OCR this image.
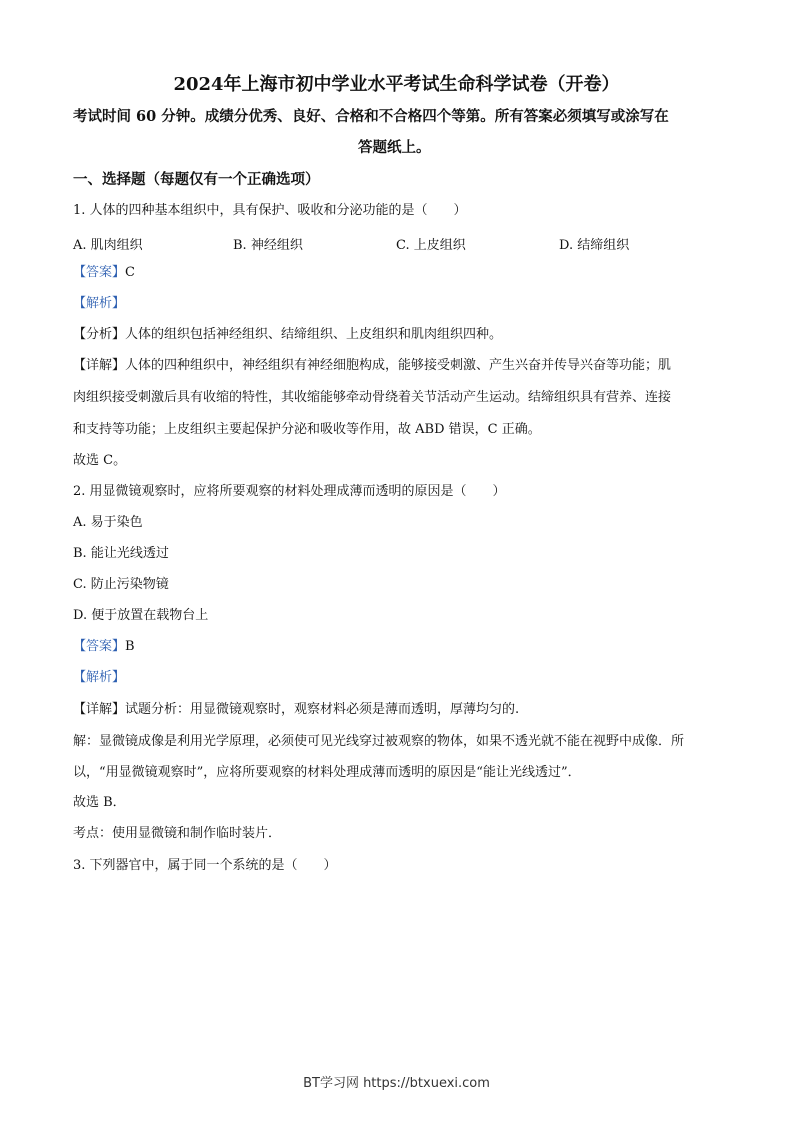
2024年上海市初中学业水平考试生命科学试卷（开卷）
考试时间 60 分钟。成绩分优秀、良好、合格和不合格四个等第。所有答案必须填写或涂写在
答题纸上。
一、选择题（每题仅有一个正确选项）
1. 人体的四种基本组织中，具有保护、吸收和分泌功能的是（　　）
A. 肌肉组织	B. 神经组织	C. 上皮组织	D. 结缔组织
【答案】C
【解析】
【分析】人体的组织包括神经组织、结缔组织、上皮组织和肌肉组织四种。
【详解】人体的四种组织中，神经组织有神经细胞构成，能够接受刺激、产生兴奋并传导兴奋等功能；肌
肉组织接受刺激后具有收缩的特性，其收缩能够牵动骨绕着关节活动产生运动。结缔组织具有营养、连接
和支持等功能；上皮组织主要起保护分泌和吸收等作用，故 ABD 错误，C 正确。
故选 C。
2. 用显微镜观察时，应将所要观察的材料处理成薄而透明的原因是（　　）
A. 易于染色
B. 能让光线透过
C. 防止污染物镜
D. 便于放置在载物台上
【答案】B
【解析】
【详解】试题分析：用显微镜观察时，观察材料必须是薄而透明，厚薄均匀的.
解：显微镜成像是利用光学原理，必须使可见光线穿过被观察的物体，如果不透光就不能在视野中成像．所
以，“用显微镜观察时”，应将所要观察的材料处理成薄而透明的原因是“能让光线透过”．
故选 B．
考点：使用显微镜和制作临时装片．
3. 下列器官中，属于同一个系统的是（　　）
BT学习网 https://btxuexi.com
